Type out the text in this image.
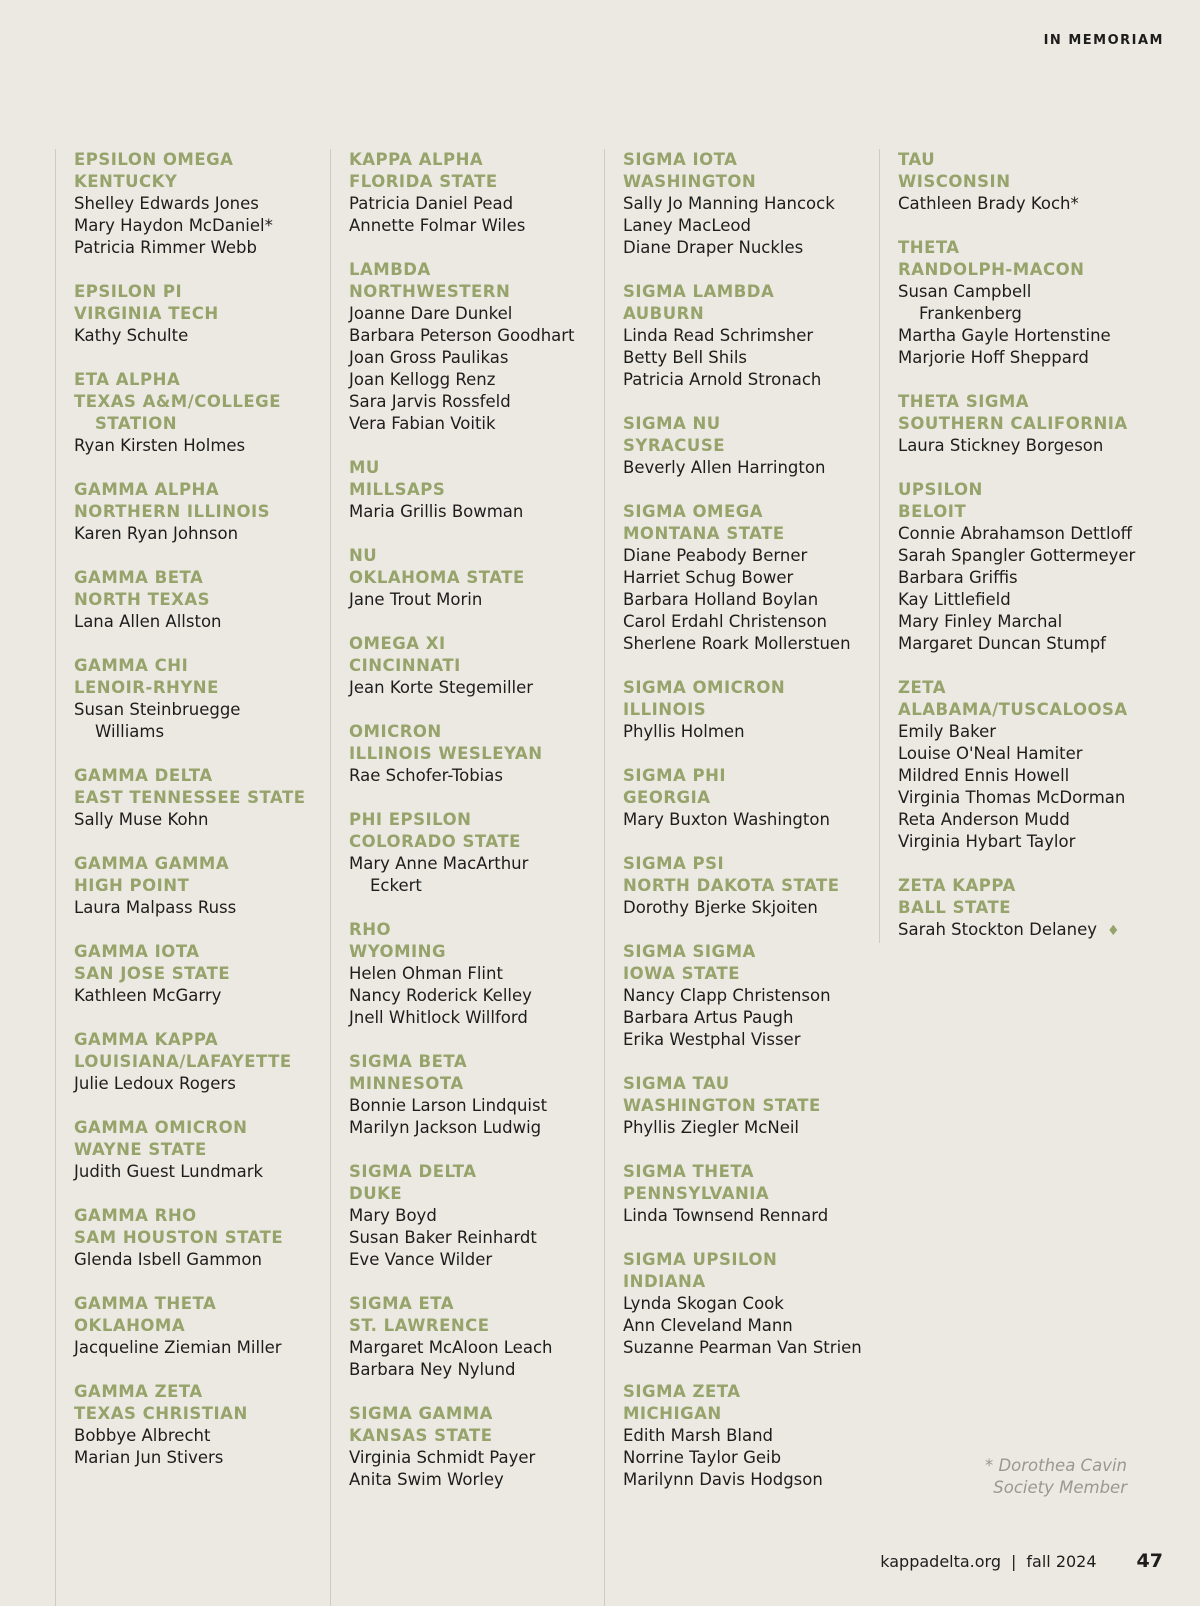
IN MEMORIAM
EPSILON OMEGA
KENTUCKY
Shelley Edwards Jones
Mary Haydon McDaniel*
Patricia Rimmer Webb
EPSILON PI
VIRGINIA TECH
Kathy Schulte
ETA ALPHA
TEXAS A&M/COLLEGE
STATION
Ryan Kirsten Holmes
GAMMA ALPHA
NORTHERN ILLINOIS
Karen Ryan Johnson
GAMMA BETA
NORTH TEXAS
Lana Allen Allston
GAMMA CHI
LENOIR-RHYNE
Susan Steinbruegge
Williams
GAMMA DELTA
EAST TENNESSEE STATE
Sally Muse Kohn
GAMMA GAMMA
HIGH POINT
Laura Malpass Russ
GAMMA IOTA
SAN JOSE STATE
Kathleen McGarry
GAMMA KAPPA
LOUISIANA/LAFAYETTE
Julie Ledoux Rogers
GAMMA OMICRON
WAYNE STATE
Judith Guest Lundmark
GAMMA RHO
SAM HOUSTON STATE
Glenda Isbell Gammon
GAMMA THETA
OKLAHOMA
Jacqueline Ziemian Miller
GAMMA ZETA
TEXAS CHRISTIAN
Bobbye Albrecht
Marian Jun Stivers
KAPPA ALPHA
FLORIDA STATE
Patricia Daniel Pead
Annette Folmar Wiles
LAMBDA
NORTHWESTERN
Joanne Dare Dunkel
Barbara Peterson Goodhart
Joan Gross Paulikas
Joan Kellogg Renz
Sara Jarvis Rossfeld
Vera Fabian Voitik
MU
MILLSAPS
Maria Grillis Bowman
NU
OKLAHOMA STATE
Jane Trout Morin
OMEGA XI
CINCINNATI
Jean Korte Stegemiller
OMICRON
ILLINOIS WESLEYAN
Rae Schofer-Tobias
PHI EPSILON
COLORADO STATE
Mary Anne MacArthur
Eckert
RHO
WYOMING
Helen Ohman Flint
Nancy Roderick Kelley
Jnell Whitlock Willford
SIGMA BETA
MINNESOTA
Bonnie Larson Lindquist
Marilyn Jackson Ludwig
SIGMA DELTA
DUKE
Mary Boyd
Susan Baker Reinhardt
Eve Vance Wilder
SIGMA ETA
ST. LAWRENCE
Margaret McAloon Leach
Barbara Ney Nylund
SIGMA GAMMA
KANSAS STATE
Virginia Schmidt Payer
Anita Swim Worley
SIGMA IOTA
WASHINGTON
Sally Jo Manning Hancock
Laney MacLeod
Diane Draper Nuckles
SIGMA LAMBDA
AUBURN
Linda Read Schrimsher
Betty Bell Shils
Patricia Arnold Stronach
SIGMA NU
SYRACUSE
Beverly Allen Harrington
SIGMA OMEGA
MONTANA STATE
Diane Peabody Berner
Harriet Schug Bower
Barbara Holland Boylan
Carol Erdahl Christenson
Sherlene Roark Mollerstuen
SIGMA OMICRON
ILLINOIS
Phyllis Holmen
SIGMA PHI
GEORGIA
Mary Buxton Washington
SIGMA PSI
NORTH DAKOTA STATE
Dorothy Bjerke Skjoiten
SIGMA SIGMA
IOWA STATE
Nancy Clapp Christenson
Barbara Artus Paugh
Erika Westphal Visser
SIGMA TAU
WASHINGTON STATE
Phyllis Ziegler McNeil
SIGMA THETA
PENNSYLVANIA
Linda Townsend Rennard
SIGMA UPSILON
INDIANA
Lynda Skogan Cook
Ann Cleveland Mann
Suzanne Pearman Van Strien
SIGMA ZETA
MICHIGAN
Edith Marsh Bland
Norrine Taylor Geib
Marilynn Davis Hodgson
TAU
WISCONSIN
Cathleen Brady Koch*
THETA
RANDOLPH-MACON
Susan Campbell
Frankenberg
Martha Gayle Hortenstine
Marjorie Hoff Sheppard
THETA SIGMA
SOUTHERN CALIFORNIA
Laura Stickney Borgeson
UPSILON
BELOIT
Connie Abrahamson Dettloff
Sarah Spangler Gottermeyer
Barbara Griffis
Kay Littlefield
Mary Finley Marchal
Margaret Duncan Stumpf
ZETA
ALABAMA/TUSCALOOSA
Emily Baker
Louise O'Neal Hamiter
Mildred Ennis Howell
Virginia Thomas McDorman
Reta Anderson Mudd
Virginia Hybart Taylor
ZETA KAPPA
BALL STATE
Sarah Stockton Delaney ♦
* Dorothea Cavin
Society Member
kappadelta.org | fall 2024 47
